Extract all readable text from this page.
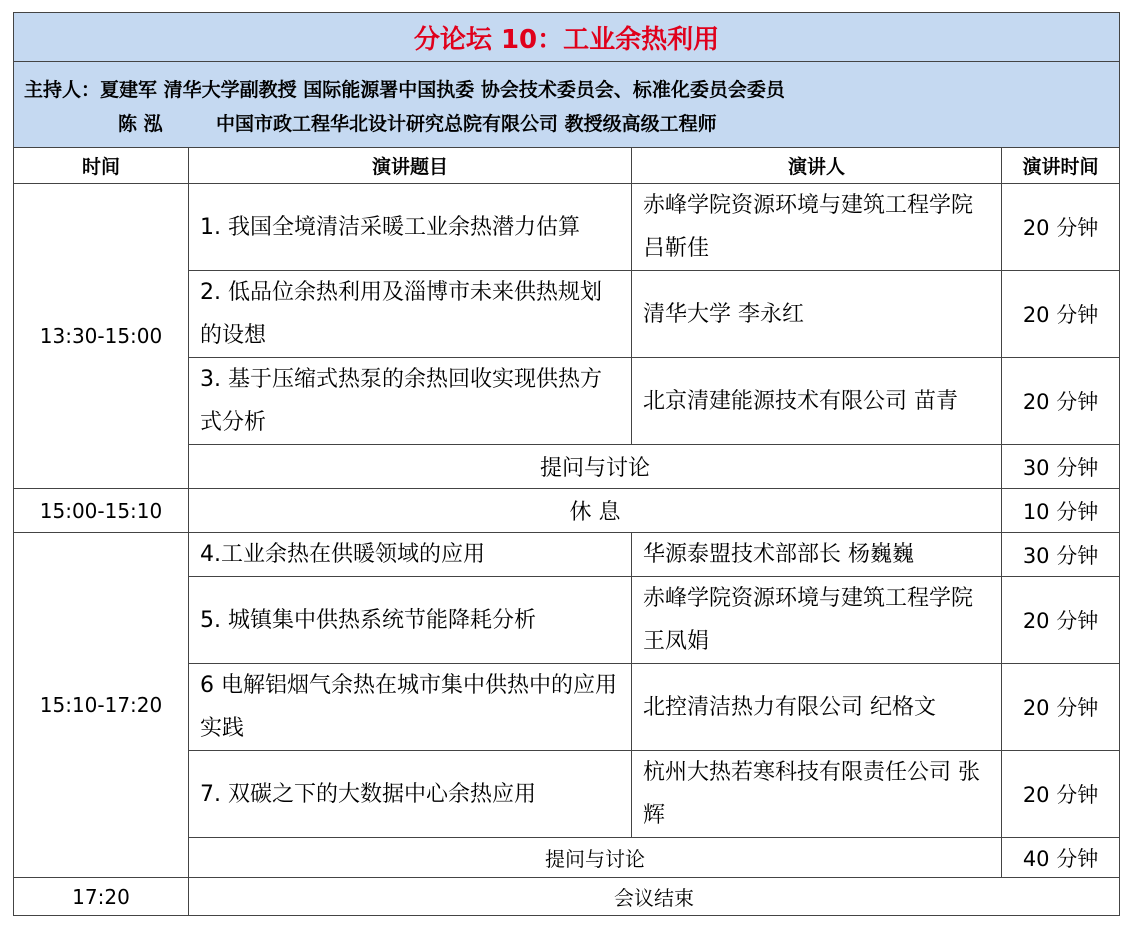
分论坛 10：工业余热利用			

主持人：夏建军 清华大学副教授 国际能源署中国执委 协会技术委员会、标准化委员会委员
陈 泓 中国市政工程华北设计研究总院有限公司 教授级高级工程师			

时间	演讲题目	演讲人	演讲时间
13:30-15:00	1. 我国全境清洁采暖工业余热潜力估算	赤峰学院资源环境与建筑工程学院 吕靳佳	20 分钟
	2. 低品位余热利用及淄博市未来供热规划的设想	清华大学 李永红	20 分钟
	3. 基于压缩式热泵的余热回收实现供热方式分析	北京清建能源技术有限公司 苗青	20 分钟
	提问与讨论		30 分钟
15:00-15:10	休 息		10 分钟
15:10-17:20	4.工业余热在供暖领域的应用	华源泰盟技术部部长 杨巍巍	30 分钟
	5. 城镇集中供热系统节能降耗分析	赤峰学院资源环境与建筑工程学院 王凤娟	20 分钟
	6 电解铝烟气余热在城市集中供热中的应用实践	北控清洁热力有限公司 纪格文	20 分钟
	7. 双碳之下的大数据中心余热应用	杭州大热若寒科技有限责任公司 张辉	20 分钟
	提问与讨论		40 分钟
17:20	会议结束		
